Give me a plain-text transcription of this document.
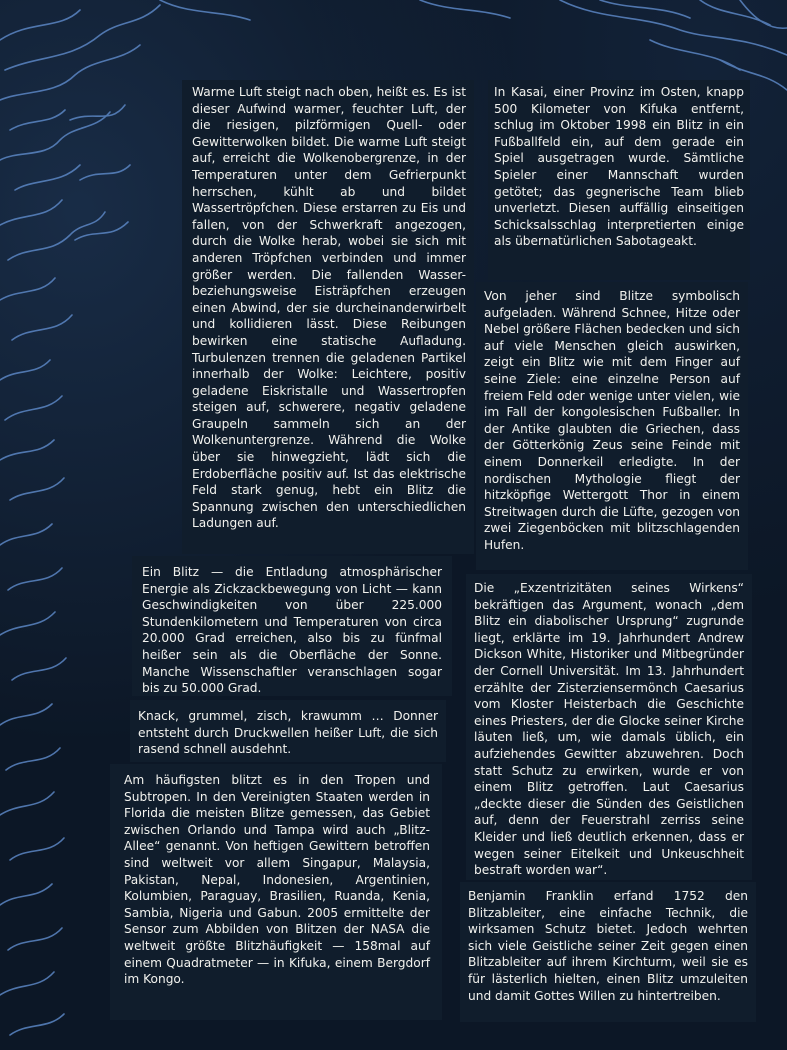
Warme Luft steigt nach oben, heißt es. Es ist dieser Aufwind warmer, feuchter Luft, der die riesigen, pilzförmigen Quell- oder Gewitterwolken bildet. Die warme Luft steigt auf, erreicht die Wolkenobergrenze, in der Temperaturen unter dem Gefrierpunkt herrschen, kühlt ab und bildet Wassertröpfchen. Diese erstarren zu Eis und fallen, von der Schwerkraft angezogen, durch die Wolke herab, wobei sie sich mit anderen Tröpfchen verbinden und immer größer werden. Die fallenden Wasser- beziehungsweise Eisträpfchen erzeugen einen Abwind, der sie durcheinanderwirbelt und kollidieren lässt. Diese Reibungen bewirken eine statische Aufladung. Turbulenzen trennen die geladenen Partikel innerhalb der Wolke: Leichtere, positiv geladene Eiskristalle und Wassertropfen steigen auf, schwerere, negativ geladene Graupeln sammeln sich an der Wolkenuntergrenze. Während die Wolke über sie hinwegzieht, lädt sich die Erdoberfläche positiv auf. Ist das elektrische Feld stark genug, hebt ein Blitz die Spannung zwischen den unterschiedlichen Ladungen auf.

Ein Blitz — die Entladung atmosphärischer Energie als Zickzackbewegung von Licht — kann Geschwindigkeiten von über 225.000 Stundenkilometern und Temperaturen von circa 20.000 Grad erreichen, also bis zu fünfmal heißer sein als die Oberfläche der Sonne. Manche Wissenschaftler veranschlagen sogar bis zu 50.000 Grad.

Knack, grummel, zisch, krawumm … Donner entsteht durch Druckwellen heißer Luft, die sich rasend schnell ausdehnt.

Am häufigsten blitzt es in den Tropen und Subtropen. In den Vereinigten Staaten werden in Florida die meisten Blitze gemessen, das Gebiet zwischen Orlando und Tampa wird auch „Blitz-Allee“ genannt. Von heftigen Gewittern betroffen sind weltweit vor allem Singapur, Malaysia, Pakistan, Nepal, Indonesien, Argentinien, Kolumbien, Paraguay, Brasilien, Ruanda, Kenia, Sambia, Nigeria und Gabun. 2005 ermittelte der Sensor zum Abbilden von Blitzen der NASA die weltweit größte Blitzhäufigkeit — 158mal auf einem Quadratmeter — in Kifuka, einem Bergdorf im Kongo.

In Kasai, einer Provinz im Osten, knapp 500 Kilometer von Kifuka entfernt, schlug im Oktober 1998 ein Blitz in ein Fußballfeld ein, auf dem gerade ein Spiel ausgetragen wurde. Sämtliche Spieler einer Mannschaft wurden getötet; das gegnerische Team blieb unverletzt. Diesen auffällig einseitigen Schicksalsschlag interpretierten einige als übernatürlichen Sabotageakt.

Von jeher sind Blitze symbolisch aufgeladen. Während Schnee, Hitze oder Nebel größere Flächen bedecken und sich auf viele Menschen gleich auswirken, zeigt ein Blitz wie mit dem Finger auf seine Ziele: eine einzelne Person auf freiem Feld oder wenige unter vielen, wie im Fall der kongolesischen Fußballer. In der Antike glaubten die Griechen, dass der Götterkönig Zeus seine Feinde mit einem Donnerkeil erledigte. In der nordischen Mythologie fliegt der hitzköpfige Wettergott Thor in einem Streitwagen durch die Lüfte, gezogen von zwei Ziegenböcken mit blitzschlagenden Hufen.

Die „Exzentrizitäten seines Wirkens“ bekräftigen das Argument, wonach „dem Blitz ein diabolischer Ursprung“ zugrunde liegt, erklärte im 19. Jahrhundert Andrew Dickson White, Historiker und Mitbegründer der Cornell Universität. Im 13. Jahrhundert erzählte der Zisterziensermönch Caesarius vom Kloster Heisterbach die Geschichte eines Priesters, der die Glocke seiner Kirche läuten ließ, um, wie damals üblich, ein aufziehendes Gewitter abzuwehren. Doch statt Schutz zu erwirken, wurde er von einem Blitz getroffen. Laut Caesarius „deckte dieser die Sünden des Geistlichen auf, denn der Feuerstrahl zerriss seine Kleider und ließ deutlich erkennen, dass er wegen seiner Eitelkeit und Unkeuschheit bestraft worden war“.

Benjamin Franklin erfand 1752 den Blitzableiter, eine einfache Technik, die wirksamen Schutz bietet. Jedoch wehrten sich viele Geistliche seiner Zeit gegen einen Blitzableiter auf ihrem Kirchturm, weil sie es für lästerlich hielten, einen Blitz umzuleiten und damit Gottes Willen zu hintertreiben.
